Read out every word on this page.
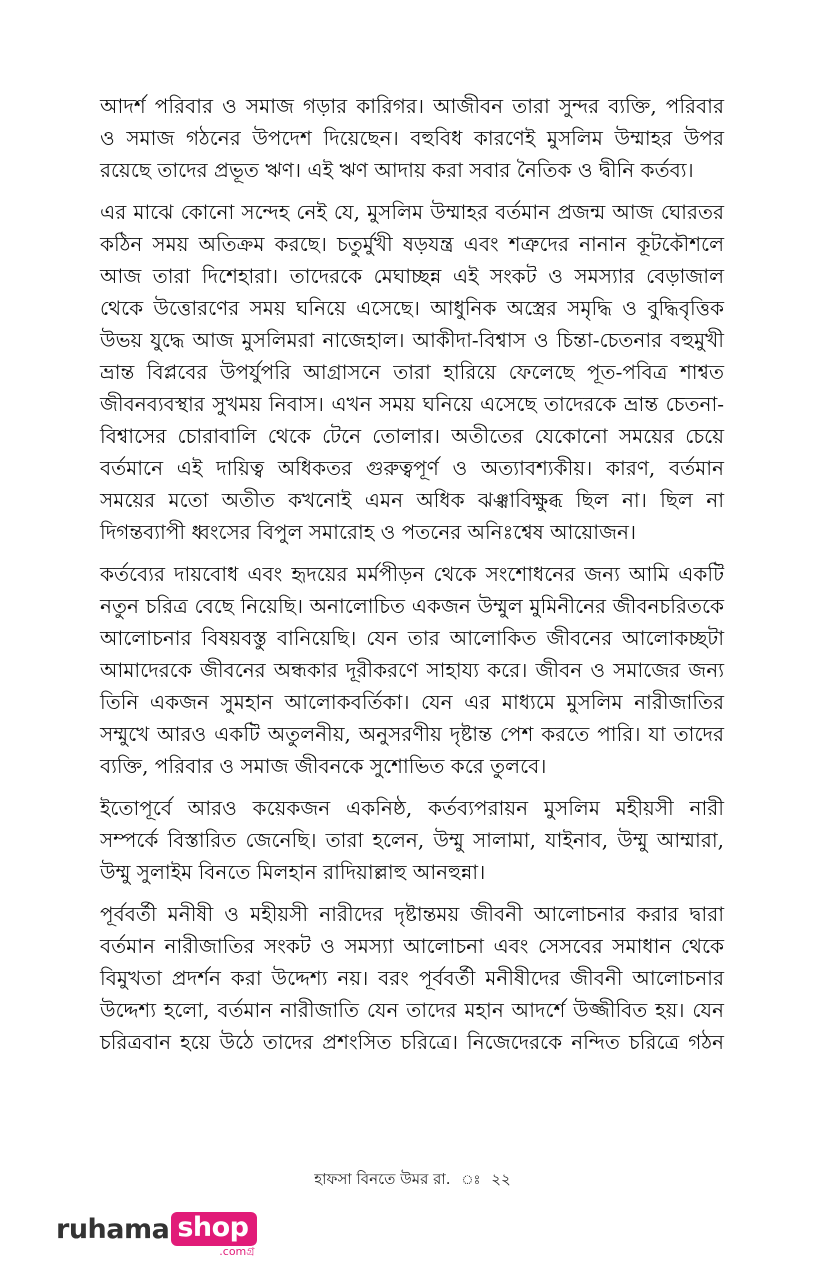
আদর্শ পরিবার ও সমাজ গড়ার কারিগর। আজীবন তারা সুন্দর ব্যক্তি, পরিবার
ও সমাজ গঠনের উপদেশ দিয়েছেন। বহুবিধ কারণেই মুসলিম উম্মাহর উপর
রয়েছে তাদের প্রভূত ঋণ। এই ঋণ আদায় করা সবার নৈতিক ও দ্বীনি কর্তব্য।

এর মাঝে কোনো সন্দেহ নেই যে, মুসলিম উম্মাহর বর্তমান প্রজন্ম আজ ঘোরতর
কঠিন সময় অতিক্রম করছে। চতুর্মুখী ষড়যন্ত্র এবং শত্রুদের নানান কূটকৌশলে
আজ তারা দিশেহারা। তাদেরকে মেঘাচ্ছন্ন এই সংকট ও সমস্যার বেড়াজাল
থেকে উত্তোরণের সময় ঘনিয়ে এসেছে। আধুনিক অস্ত্রের সমৃদ্ধি ও বুদ্ধিবৃত্তিক
উভয় যুদ্ধে আজ মুসলিমরা নাজেহাল। আকীদা-বিশ্বাস ও চিন্তা-চেতনার বহুমুখী
ভ্রান্ত বিপ্লবের উপর্যুপরি আগ্রাসনে তারা হারিয়ে ফেলেছে পূত-পবিত্র শাশ্বত
জীবনব্যবস্থার সুখময় নিবাস। এখন সময় ঘনিয়ে এসেছে তাদেরকে ভ্রান্ত চেতনা-
বিশ্বাসের চোরাবালি থেকে টেনে তোলার। অতীতের যেকোনো সময়ের চেয়ে
বর্তমানে এই দায়িত্ব অধিকতর গুরুত্বপূর্ণ ও অত্যাবশ্যকীয়। কারণ, বর্তমান
সময়ের মতো অতীত কখনোই এমন অধিক ঝঞ্ঝাবিক্ষুব্ধ ছিল না। ছিল না
দিগন্তব্যাপী ধ্বংসের বিপুল সমারোহ ও পতনের অনিঃশ্বেষ আয়োজন।

কর্তব্যের দায়বোধ এবং হৃদয়ের মর্মপীড়ন থেকে সংশোধনের জন্য আমি একটি
নতুন চরিত্র বেছে নিয়েছি। অনালোচিত একজন উম্মুল মুমিনীনের জীবনচরিতকে
আলোচনার বিষয়বস্তু বানিয়েছি। যেন তার আলোকিত জীবনের আলোকচ্ছটা
আমাদেরকে জীবনের অন্ধকার দূরীকরণে সাহায্য করে। জীবন ও সমাজের জন্য
তিনি একজন সুমহান আলোকবর্তিকা। যেন এর মাধ্যমে মুসলিম নারীজাতির
সম্মুখে আরও একটি অতুলনীয়, অনুসরণীয় দৃষ্টান্ত পেশ করতে পারি। যা তাদের
ব্যক্তি, পরিবার ও সমাজ জীবনকে সুশোভিত করে তুলবে।

ইতোপূর্বে আরও কয়েকজন একনিষ্ঠ, কর্তব্যপরায়ন মুসলিম মহীয়সী নারী
সম্পর্কে বিস্তারিত জেনেছি। তারা হলেন, উম্মু সালামা, যাইনাব, উম্মু আম্মারা,
উম্মু সুলাইম বিনতে মিলহান রাদিয়াল্লাহু আনহুন্না।

পূর্ববর্তী মনীষী ও মহীয়সী নারীদের দৃষ্টান্তময় জীবনী আলোচনার করার দ্বারা
বর্তমান নারীজাতির সংকট ও সমস্যা আলোচনা এবং সেসবের সমাধান থেকে
বিমুখতা প্রদর্শন করা উদ্দেশ্য নয়। বরং পূর্ববর্তী মনীষীদের জীবনী আলোচনার
উদ্দেশ্য হলো, বর্তমান নারীজাতি যেন তাদের মহান আদর্শে উজ্জীবিত হয়। যেন
চরিত্রবান হয়ে উঠে তাদের প্রশংসিত চরিত্রে। নিজেদেরকে নন্দিত চরিত্রে গঠন

হাফসা বিনতে উমর রা. ঃ ২২
ruhama shop
.comগ্র
